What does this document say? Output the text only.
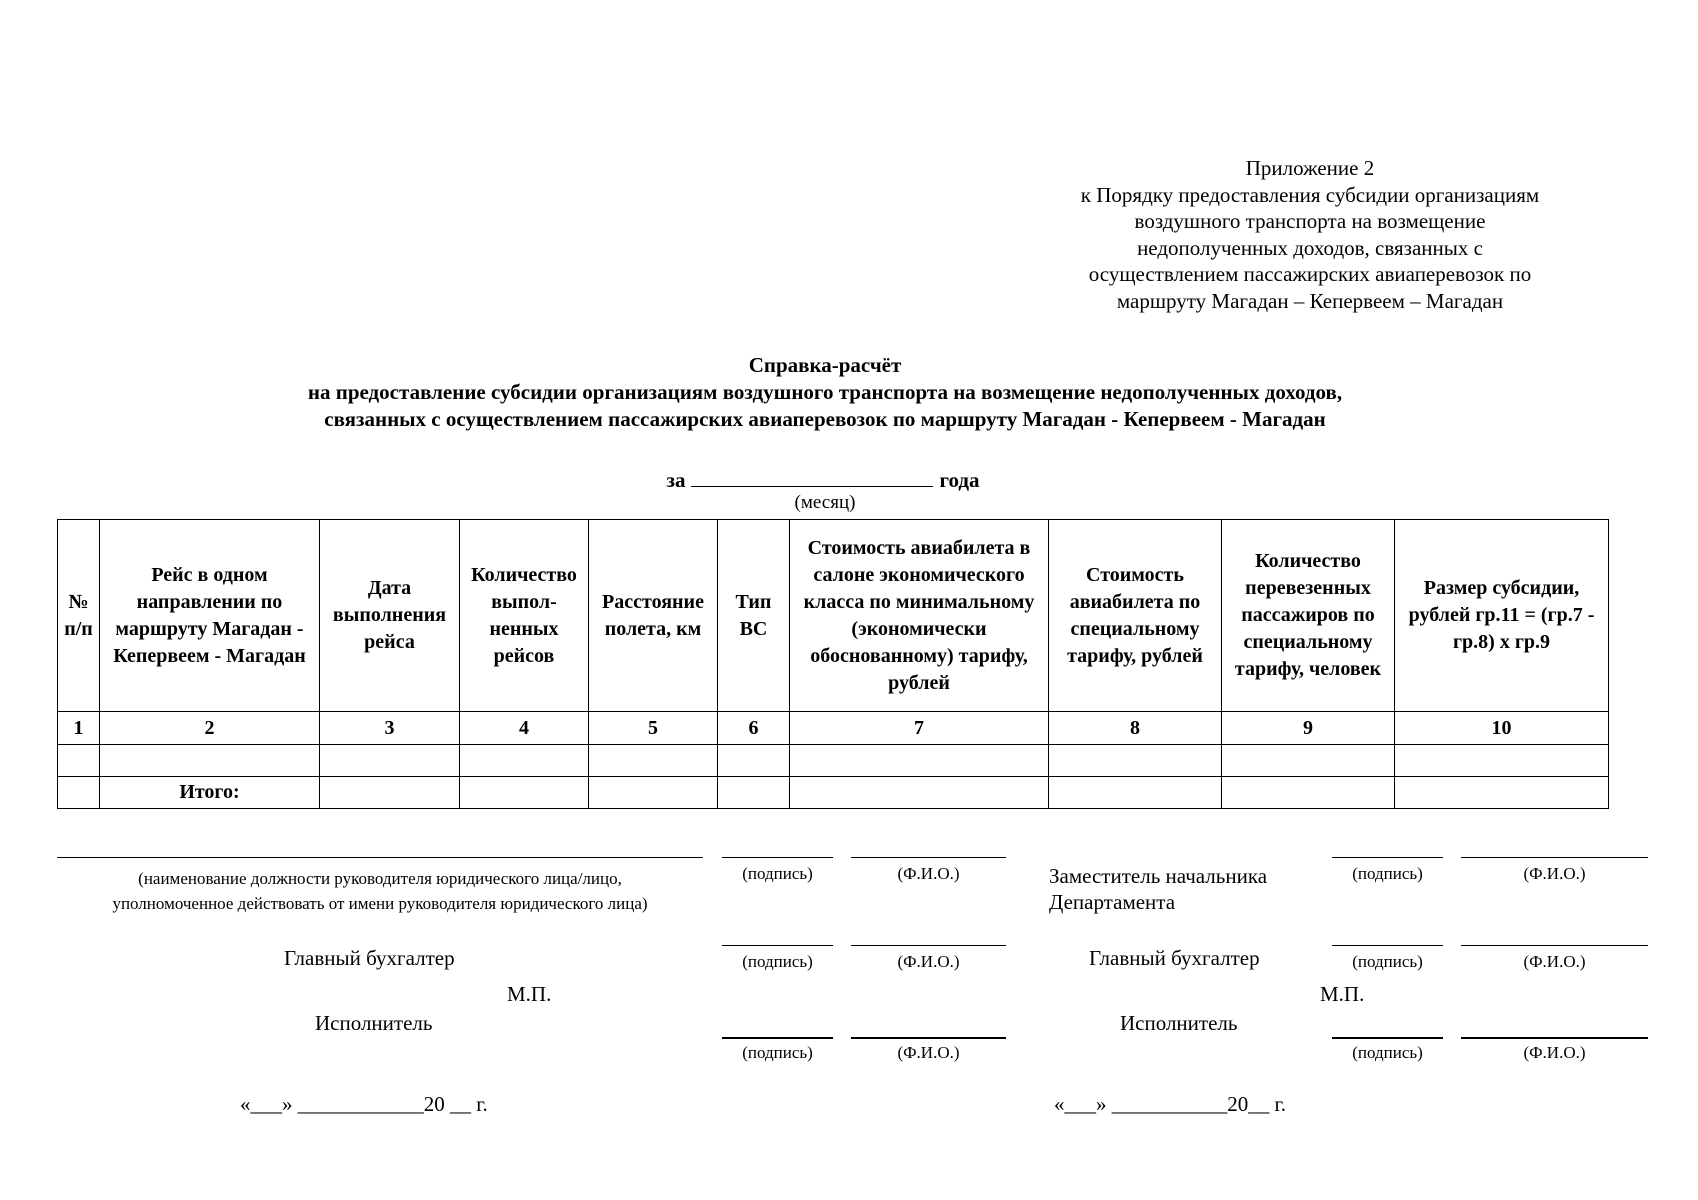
Приложение 2
к Порядку предоставления субсидии организациям
воздушного транспорта на возмещение
недополученных доходов, связанных с
осуществлением пассажирских авиаперевозок по
маршруту Магадан – Кепервеем – Магадан
Справка-расчёт
на предоставление субсидии организациям воздушного транспорта на возмещение недополученных доходов,
связанных с осуществлением пассажирских авиаперевозок по маршруту Магадан - Кепервеем - Магадан
за	года
(месяц)
№ п/п	Рейс в одном направлении по маршруту Магадан - Кепервеем - Магадан	Дата выполнения рейса	Количество выпол-ненных рейсов	Расстояние полета, км	Тип ВС	Стоимость авиабилета в салоне экономического класса по минимальному (экономически обоснованному) тарифу, рублей	Стоимость авиабилета по специальному тарифу, рублей	Количество перевезенных пассажиров по специальному тарифу, человек	Размер субсидии, рублей гр.11 = (гр.7 - гр.8) х гр.9
1	2	3	4	5	6	7	8	9	10

	Итого:								
(наименование должности руководителя юридического лица/лицо,
уполномоченное действовать от имени руководителя юридического лица)
(подпись)	(Ф.И.О.)
Главный бухгалтер	(подпись)	(Ф.И.О.)
М.П.
Исполнитель
(подпись)	(Ф.И.О.)
«___» ____________20 __ г.
Заместитель начальника
Департамента
(подпись)	(Ф.И.О.)
Главный бухгалтер	(подпись)	(Ф.И.О.)
М.П.
Исполнитель
(подпись)	(Ф.И.О.)
«___» ___________20__ г.
